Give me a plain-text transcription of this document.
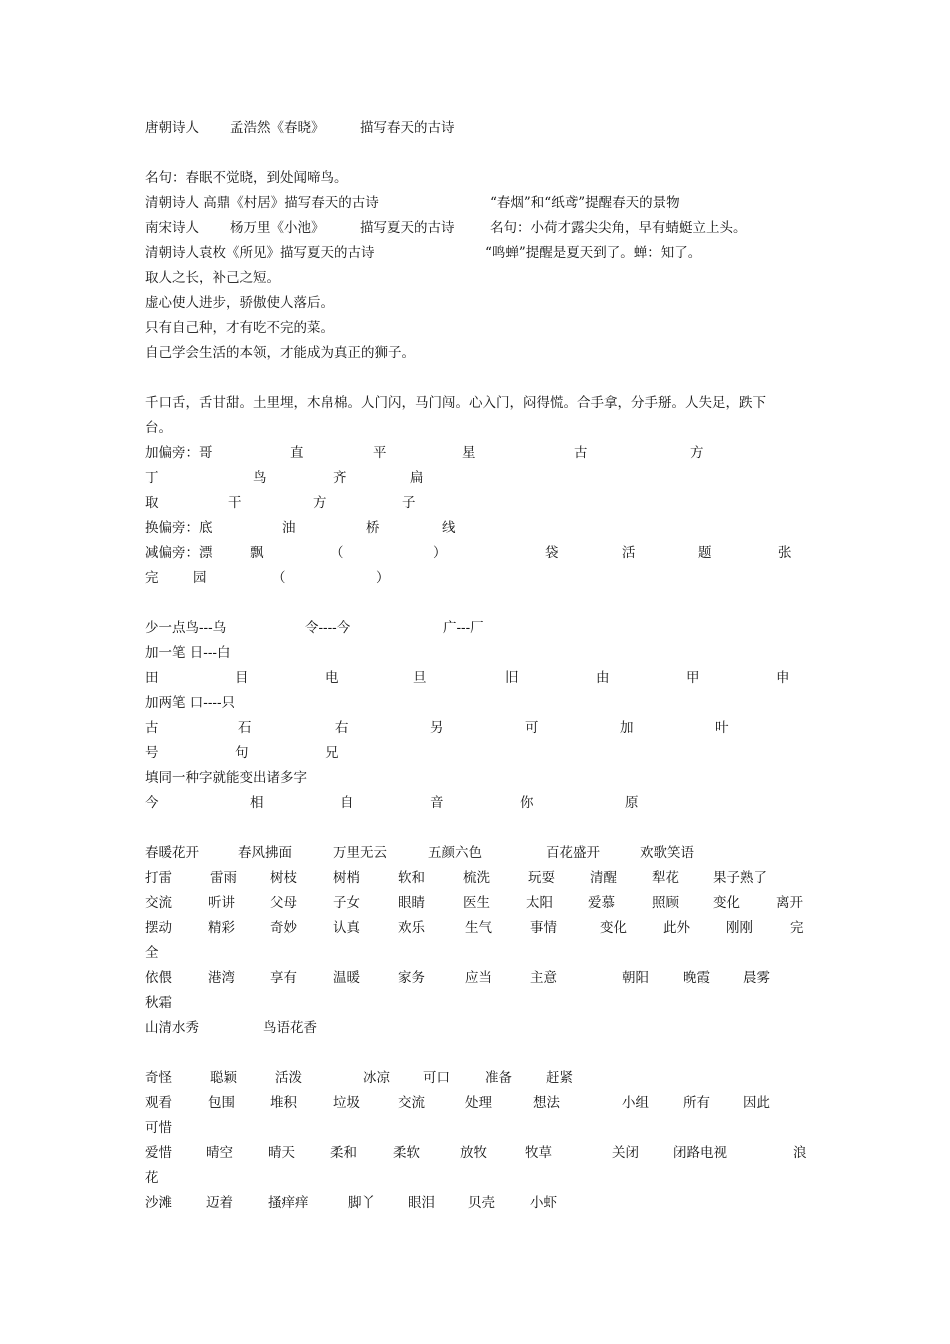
唐朝诗人 孟浩然《春晓》	描写春天的古诗
名句：春眠不觉晓，到处闻啼鸟。
清朝诗人 高鼎《村居》描写春天的古诗	“春烟”和“纸鸢”提醒春天的景物
南宋诗人 杨万里《小池》	描写夏天的古诗	名句：小荷才露尖尖角，早有蜻蜓立上头。
清朝诗人袁枚《所见》描写夏天的古诗	“鸣蝉”提醒是夏天到了。蝉：知了。
取人之长，补己之短。
虚心使人进步，骄傲使人落后。
只有自己种，才有吃不完的菜。
自己学会生活的本领，才能成为真正的狮子。
千口舌，舌甘甜。土里埋，木帛棉。人门闪，马门闯。心入门，闷得慌。合手拿，分手掰。人失足，跌下
台。
加偏旁：哥	直	平	星	古	方
丁	鸟	齐	扁
取	干	方	子
换偏旁：底	油	桥	线
减偏旁：漂	飘	（	）	袋	活	题	张
完	园	（	）
少一点鸟---乌	令----今	广---厂
加一笔 日---白
田	目	电	旦	旧	由	甲	申
加两笔 口----只
古	石	右	另	可	加	叶
号	句	兄
填同一种字就能变出诸多字
今	相	自	音	你	原
春暖花开	春风拂面	万里无云	五颜六色	百花盛开	欢歌笑语
打雷	雷雨 树枝	树梢	软和	梳洗	玩耍	清醒	犁花	果子熟了
交流	听讲	父母	子女	眼睛	医生	太阳	爱慕	照顾	变化	离开
摆动	精彩	奇妙	认真	欢乐	生气	事情	变化	此外	刚刚	完
全
依偎	港湾	享有	温暖	家务	应当	主意	朝阳	晚霞 晨雾
秋霜
山清水秀	鸟语花香
奇怪	聪颖	活泼	冰凉 可口	准备	赶紧
观看	包围	堆积	垃圾	交流	处理	想法	小组	所有 因此
可惜
爱惜	晴空	晴天	柔和	柔软	放牧	牧草	关闭	闭路电视	浪
花
沙滩	迈着	搔痒痒	脚丫 眼泪 贝壳	小虾
